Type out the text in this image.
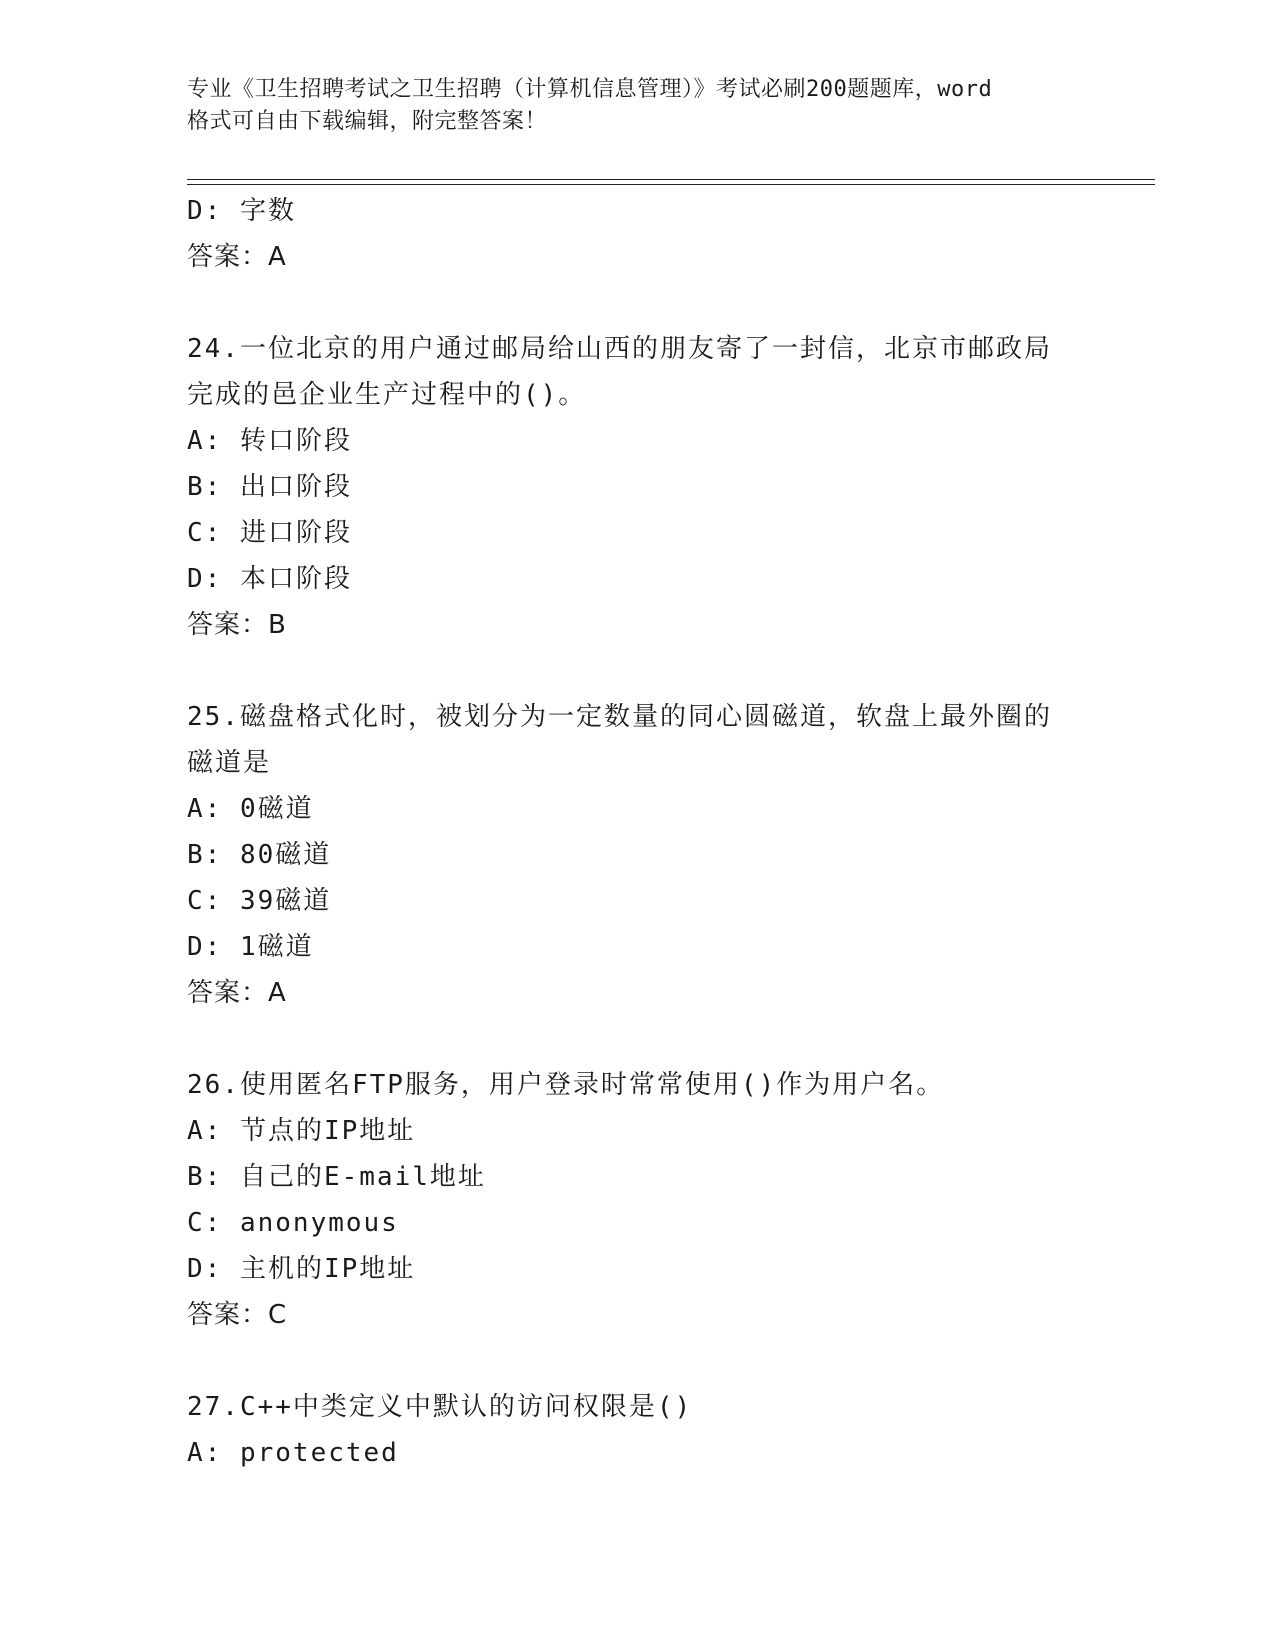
专业《卫生招聘考试之卫生招聘（计算机信息管理）》考试必刷200题题库，word
格式可自由下载编辑，附完整答案！
D: 字数
答案：A
24.一位北京的用户通过邮局给山西的朋友寄了一封信，北京市邮政局
完成的邑企业生产过程中的()。
A: 转口阶段
B: 出口阶段
C: 进口阶段
D: 本口阶段
答案：B
25.磁盘格式化时，被划分为一定数量的同心圆磁道，软盘上最外圈的
磁道是
A: 0磁道
B: 80磁道
C: 39磁道
D: 1磁道
答案：A
26.使用匿名FTP服务，用户登录时常常使用()作为用户名。
A: 节点的IP地址
B: 自己的E-mail地址
C: anonymous
D: 主机的IP地址
答案：C
27.C++中类定义中默认的访问权限是()
A: protected
